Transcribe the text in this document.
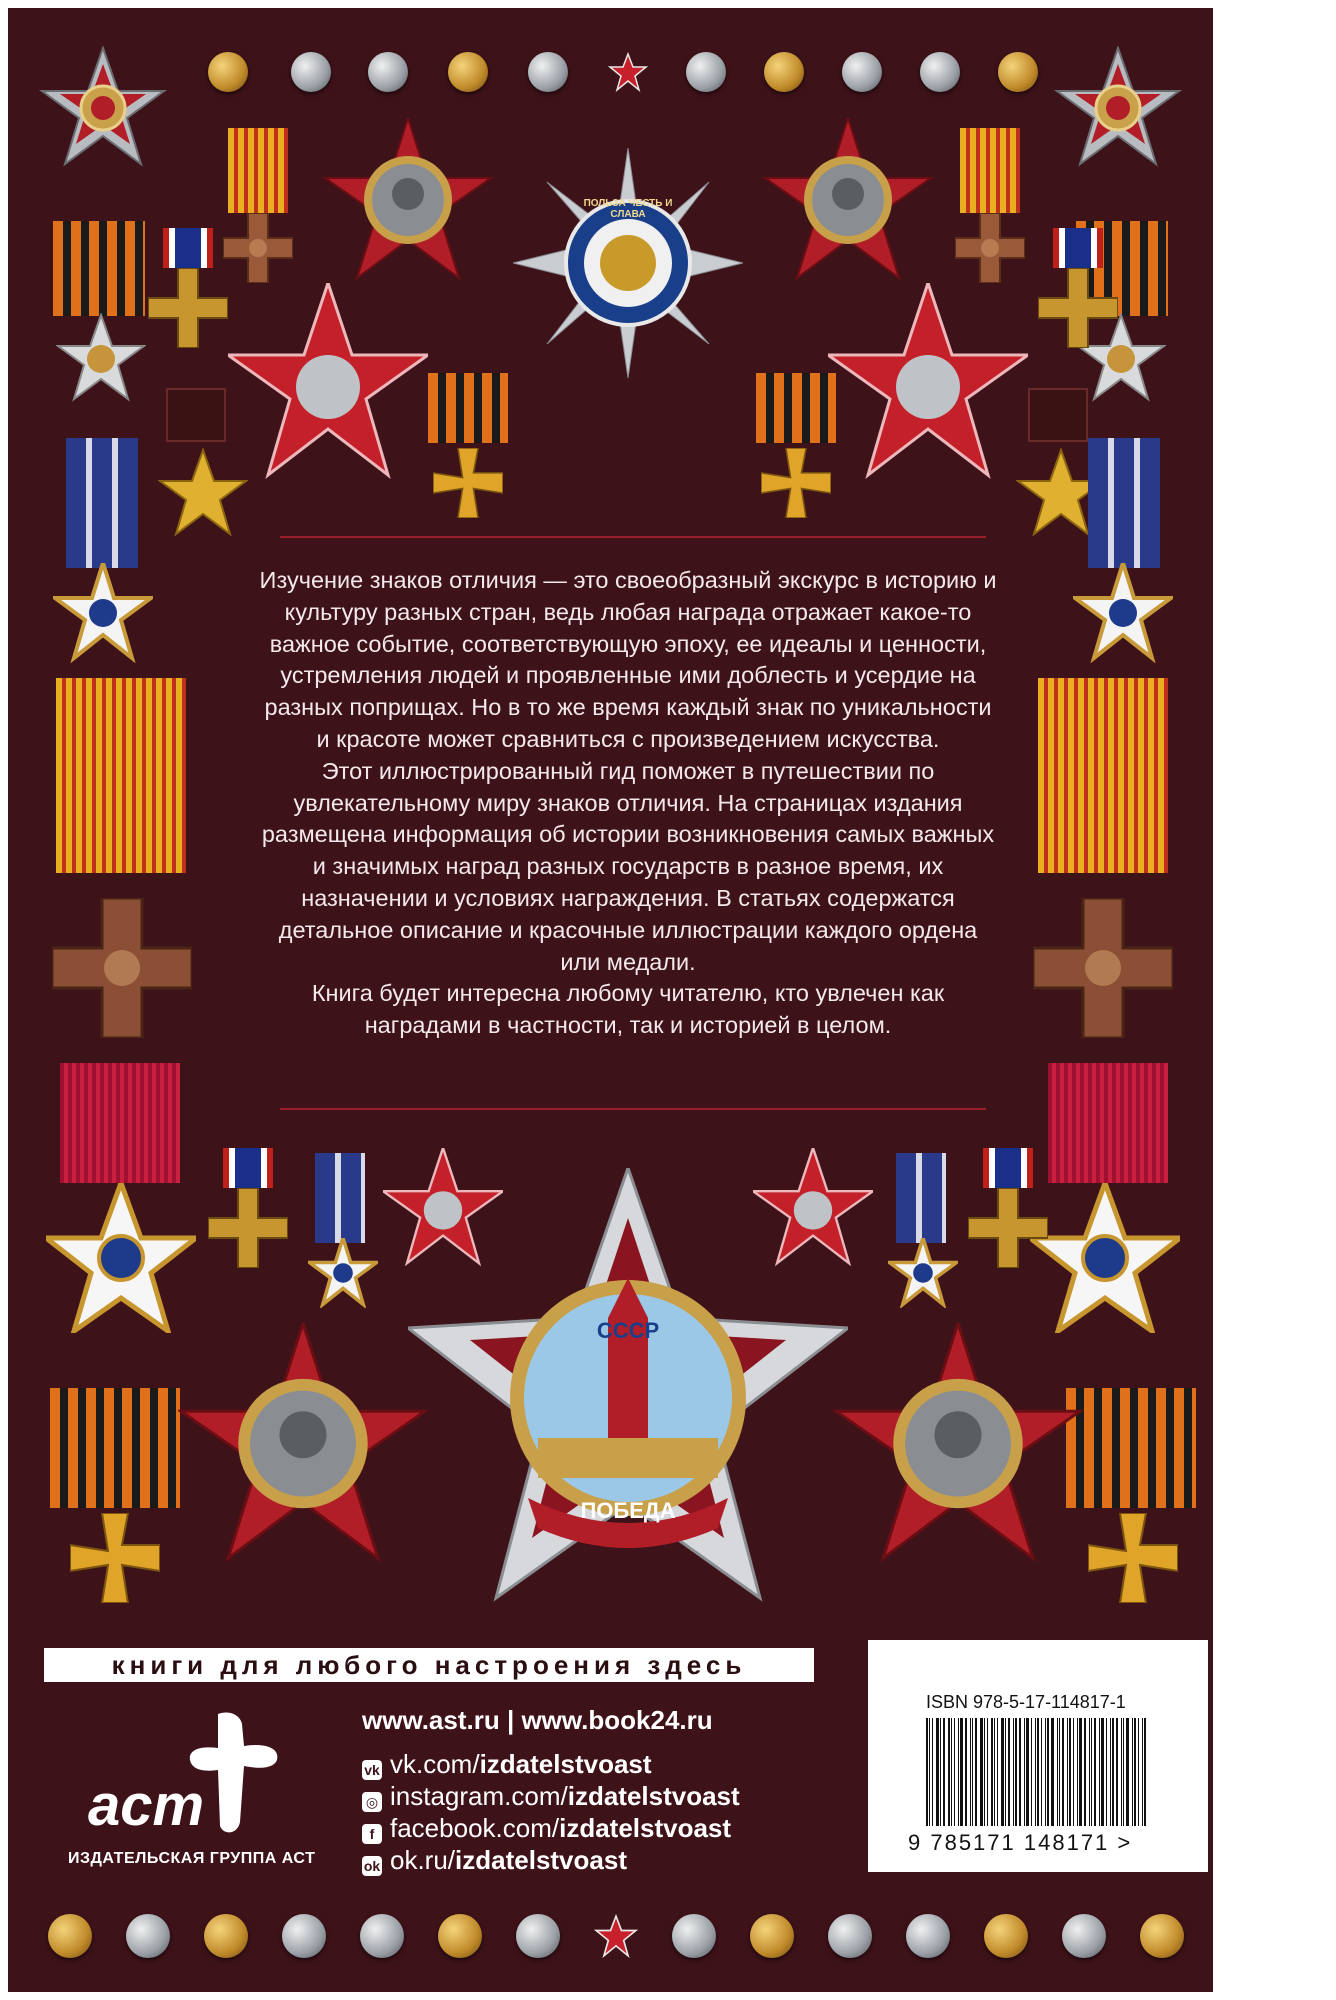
ПОЛЬЗА ЧЕСТЬ И СЛАВА

Изучение знаков отличия — это своеобразный экскурс в историю и культуру разных стран, ведь любая награда отражает какое-то важное событие, соответствующую эпоху, ее идеалы и ценности, устремления людей и проявленные ими доблесть и усердие на разных поприщах. Но в то же время каждый знак по уникальности и красоте может сравниться с произведением искусства.

Этот иллюстрированный гид поможет в путешествии по увлекательному миру знаков отличия. На страницах издания размещена информация об истории возникновения самых важных и значимых наград разных государств в разное время, их назначении и условиях награждения. В статьях содержатся детальное описание и красочные иллюстрации каждого ордена или медали.

Книга будет интересна любому читателю, кто увлечен как наградами в частности, так и историей в целом.

СССР
ПОБЕДА
книги для любого настроения здесь
аст
ИЗДАТЕЛЬСКАЯ ГРУППА АСТ
www.ast.ru | www.book24.ru
vk vk.com/izdatelstvoast
◎ instagram.com/izdatelstvoast
f facebook.com/izdatelstvoast
ok ok.ru/izdatelstvoast
ISBN 978-5-17-114817-1
9 785171 148171 >
